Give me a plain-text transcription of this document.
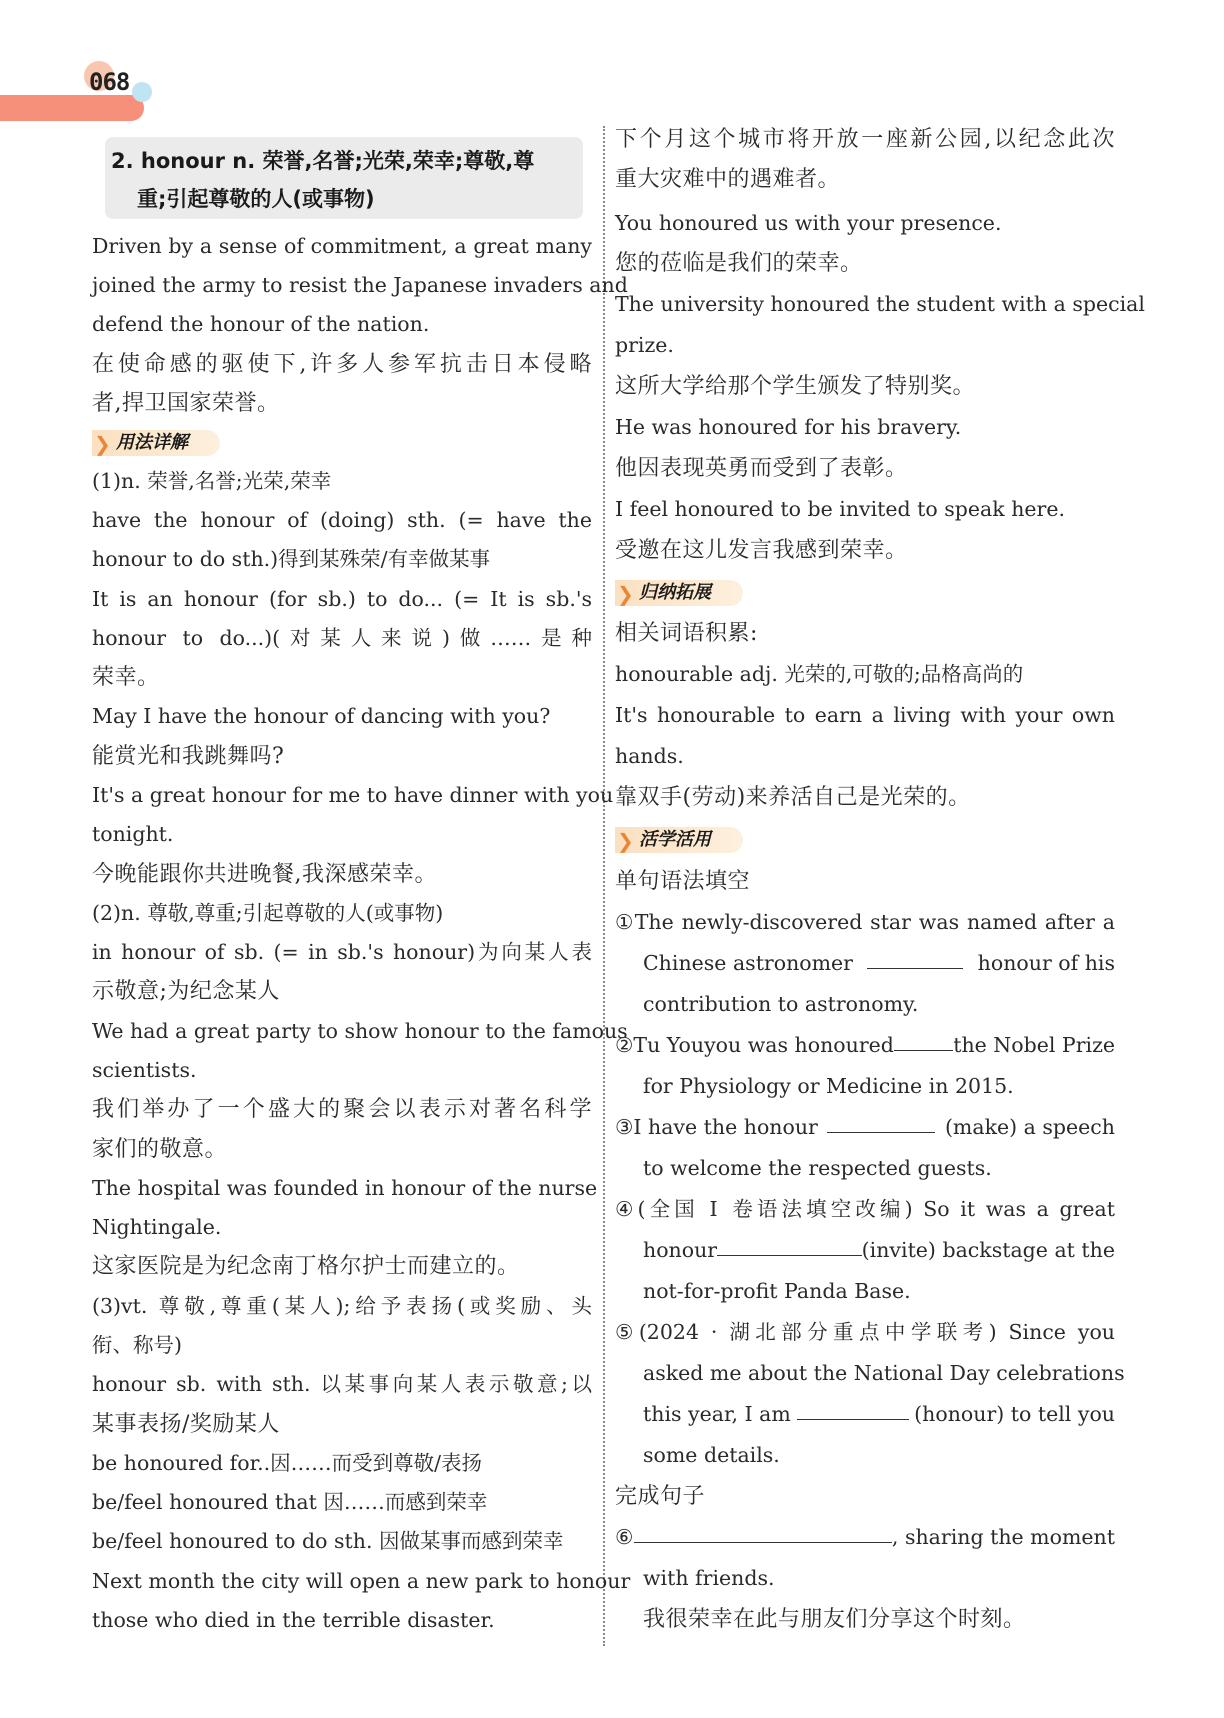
068
2. honour n. 荣誉,名誉;光荣,荣幸;尊敬,尊
重;引起尊敬的人(或事物)
Driven by a sense of commitment, a great many
joined the army to resist the Japanese invaders and
defend the honour of the nation.
在使命感的驱使下,许多人参军抗击日本侵略
者,捍卫国家荣誉。
❯ 用法详解
(1)n. 荣誉,名誉;光荣,荣幸
have the honour of (doing) sth. (= have the
honour to do sth.)得到某殊荣/有幸做某事
It is an honour (for sb.) to do... (= It is sb.'s
honour to do...)(对某人来说)做……是种
荣幸。
May I have the honour of dancing with you?
能赏光和我跳舞吗?
It's a great honour for me to have dinner with you
tonight.
今晚能跟你共进晚餐,我深感荣幸。
(2)n. 尊敬,尊重;引起尊敬的人(或事物)
in honour of sb. (= in sb.'s honour)为向某人表
示敬意;为纪念某人
We had a great party to show honour to the famous
scientists.
我们举办了一个盛大的聚会以表示对著名科学
家们的敬意。
The hospital was founded in honour of the nurse
Nightingale.
这家医院是为纪念南丁格尔护士而建立的。
(3)vt. 尊敬,尊重(某人);给予表扬(或奖励、头
衔、称号)
honour sb. with sth. 以某事向某人表示敬意;以
某事表扬/奖励某人
be honoured for..因……而受到尊敬/表扬
be/feel honoured that 因……而感到荣幸
be/feel honoured to do sth. 因做某事而感到荣幸
Next month the city will open a new park to honour
those who died in the terrible disaster.
下个月这个城市将开放一座新公园,以纪念此次
重大灾难中的遇难者。
You honoured us with your presence.
您的莅临是我们的荣幸。
The university honoured the student with a special
prize.
这所大学给那个学生颁发了特别奖。
He was honoured for his bravery.
他因表现英勇而受到了表彰。
I feel honoured to be invited to speak here.
受邀在这儿发言我感到荣幸。
❯ 归纳拓展
相关词语积累:
honourable adj. 光荣的,可敬的;品格高尚的
It's honourable to earn a living with your own
hands.
靠双手(劳动)来养活自己是光荣的。
❯ 活学活用
单句语法填空
①The newly-discovered star was named after a
Chinese astronomer	honour of his
contribution to astronomy.
②Tu Youyou was honoured	the Nobel Prize
for Physiology or Medicine in 2015.
③I have the honour	(make) a speech
to welcome the respected guests.
④(全国 Ⅰ 卷语法填空改编) So it was a great
honour	(invite) backstage at the
not-for-profit Panda Base.
⑤(2024 · 湖北部分重点中学联考) Since you
asked me about the National Day celebrations
this year, I am	(honour) to tell you
some details.
完成句子
⑥	, sharing the moment
with friends.
我很荣幸在此与朋友们分享这个时刻。
